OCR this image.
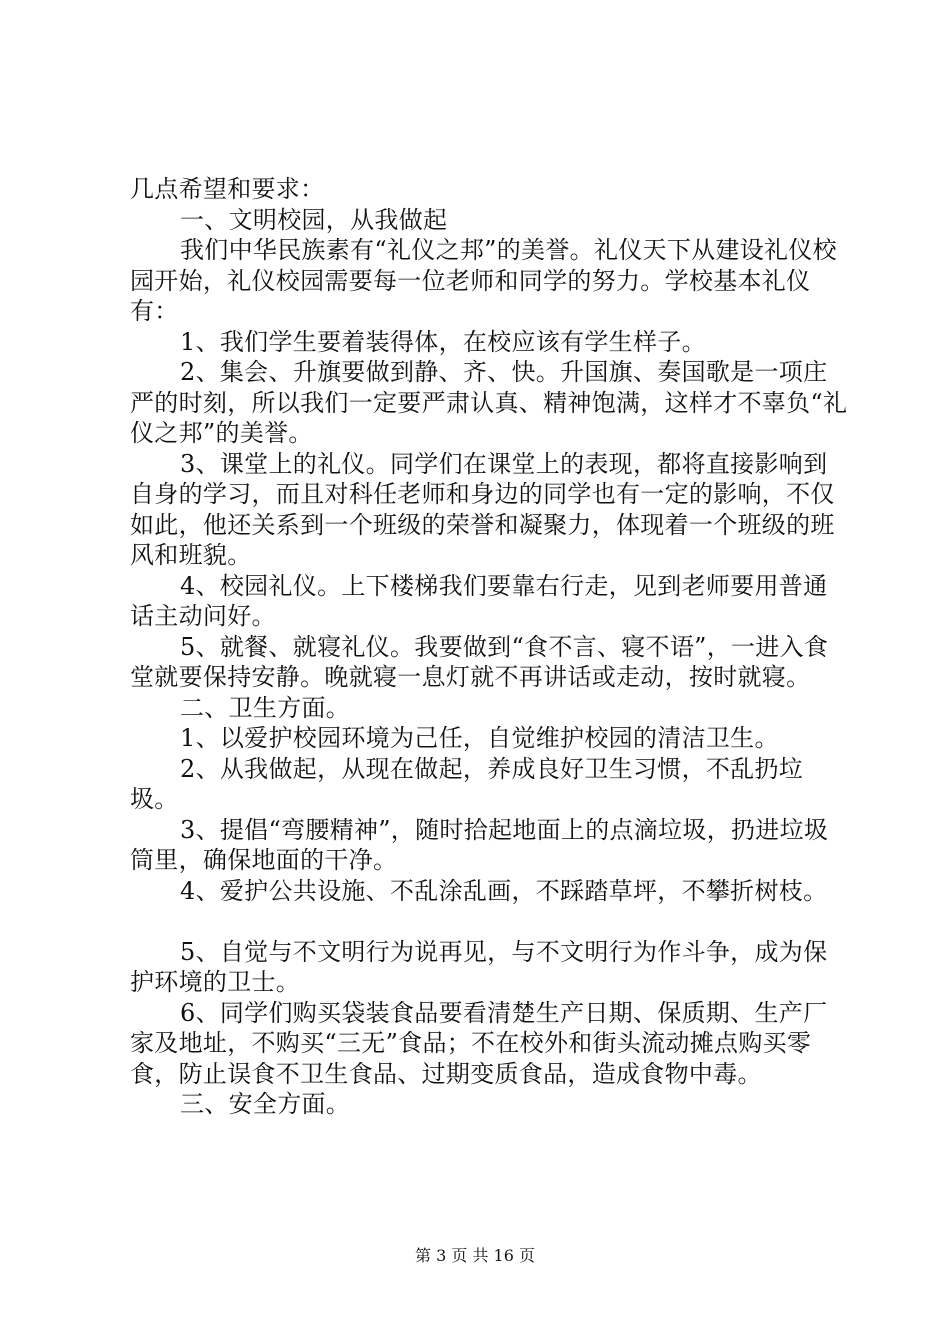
几点希望和要求：

一、文明校园，从我做起

我们中华民族素有“礼仪之邦”的美誉。礼仪天下从建设礼仪校园开始，礼仪校园需要每一位老师和同学的努力。学校基本礼仪有：

1、我们学生要着装得体，在校应该有学生样子。

2、集会、升旗要做到静、齐、快。升国旗、奏国歌是一项庄严的时刻，所以我们一定要严肃认真、精神饱满，这样才不辜负“礼仪之邦”的美誉。

3、课堂上的礼仪。同学们在课堂上的表现，都将直接影响到自身的学习，而且对科任老师和身边的同学也有一定的影响，不仅如此，他还关系到一个班级的荣誉和凝聚力，体现着一个班级的班风和班貌。

4、校园礼仪。上下楼梯我们要靠右行走，见到老师要用普通话主动问好。

5、就餐、就寝礼仪。我要做到“食不言、寝不语”，一进入食堂就要保持安静。晚就寝一息灯就不再讲话或走动，按时就寝。

二、卫生方面。

1、以爱护校园环境为己任，自觉维护校园的清洁卫生。

2、从我做起，从现在做起，养成良好卫生习惯，不乱扔垃圾。

3、提倡“弯腰精神”，随时拾起地面上的点滴垃圾，扔进垃圾筒里，确保地面的干净。

4、爱护公共设施、不乱涂乱画，不踩踏草坪，不攀折树枝。

5、自觉与不文明行为说再见，与不文明行为作斗争，成为保护环境的卫士。

6、同学们购买袋装食品要看清楚生产日期、保质期、生产厂家及地址，不购买“三无”食品；不在校外和街头流动摊点购买零食，防止误食不卫生食品、过期变质食品，造成食物中毒。

三、安全方面。

第 3 页 共 16 页
